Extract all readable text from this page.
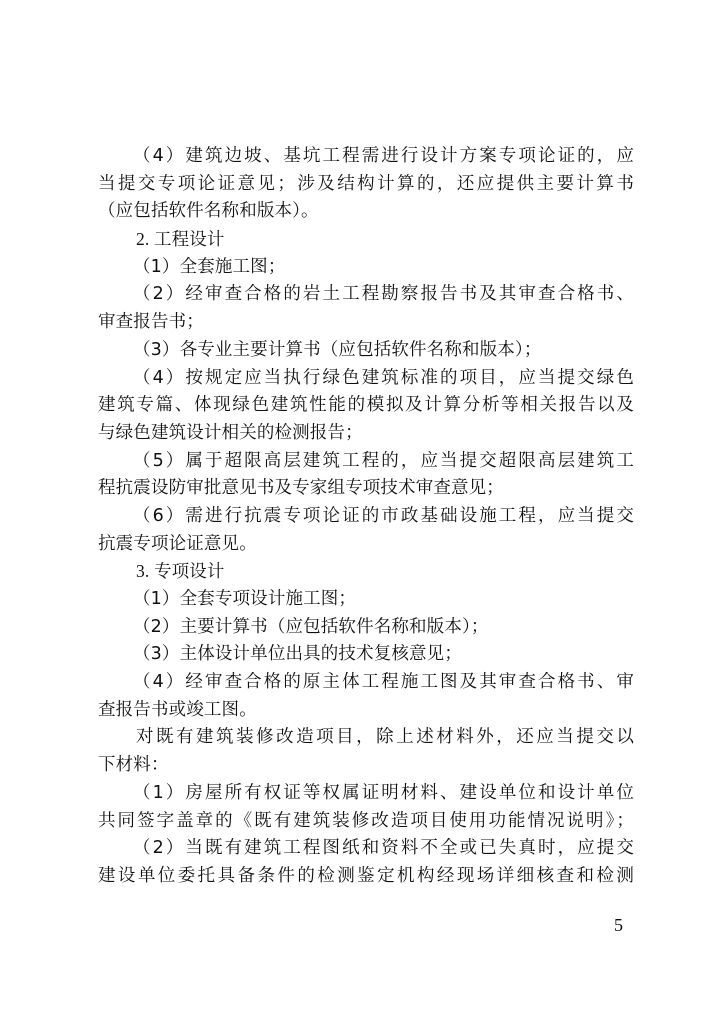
（4）建筑边坡、基坑工程需进行设计方案专项论证的，应
当提交专项论证意见；涉及结构计算的，还应提供主要计算书
（应包括软件名称和版本）。
2. 工程设计
（1）全套施工图；
（2）经审查合格的岩土工程勘察报告书及其审查合格书、
审查报告书；
（3）各专业主要计算书（应包括软件名称和版本）；
（4）按规定应当执行绿色建筑标准的项目，应当提交绿色
建筑专篇、体现绿色建筑性能的模拟及计算分析等相关报告以及
与绿色建筑设计相关的检测报告；
（5）属于超限高层建筑工程的，应当提交超限高层建筑工
程抗震设防审批意见书及专家组专项技术审查意见；
（6）需进行抗震专项论证的市政基础设施工程，应当提交
抗震专项论证意见。
3. 专项设计
（1）全套专项设计施工图；
（2）主要计算书（应包括软件名称和版本）；
（3）主体设计单位出具的技术复核意见；
（4）经审查合格的原主体工程施工图及其审查合格书、审
查报告书或竣工图。
对既有建筑装修改造项目，除上述材料外，还应当提交以
下材料：
（1）房屋所有权证等权属证明材料、建设单位和设计单位
共同签字盖章的《既有建筑装修改造项目使用功能情况说明》；
（2）当既有建筑工程图纸和资料不全或已失真时，应提交
建设单位委托具备条件的检测鉴定机构经现场详细核查和检测
5
